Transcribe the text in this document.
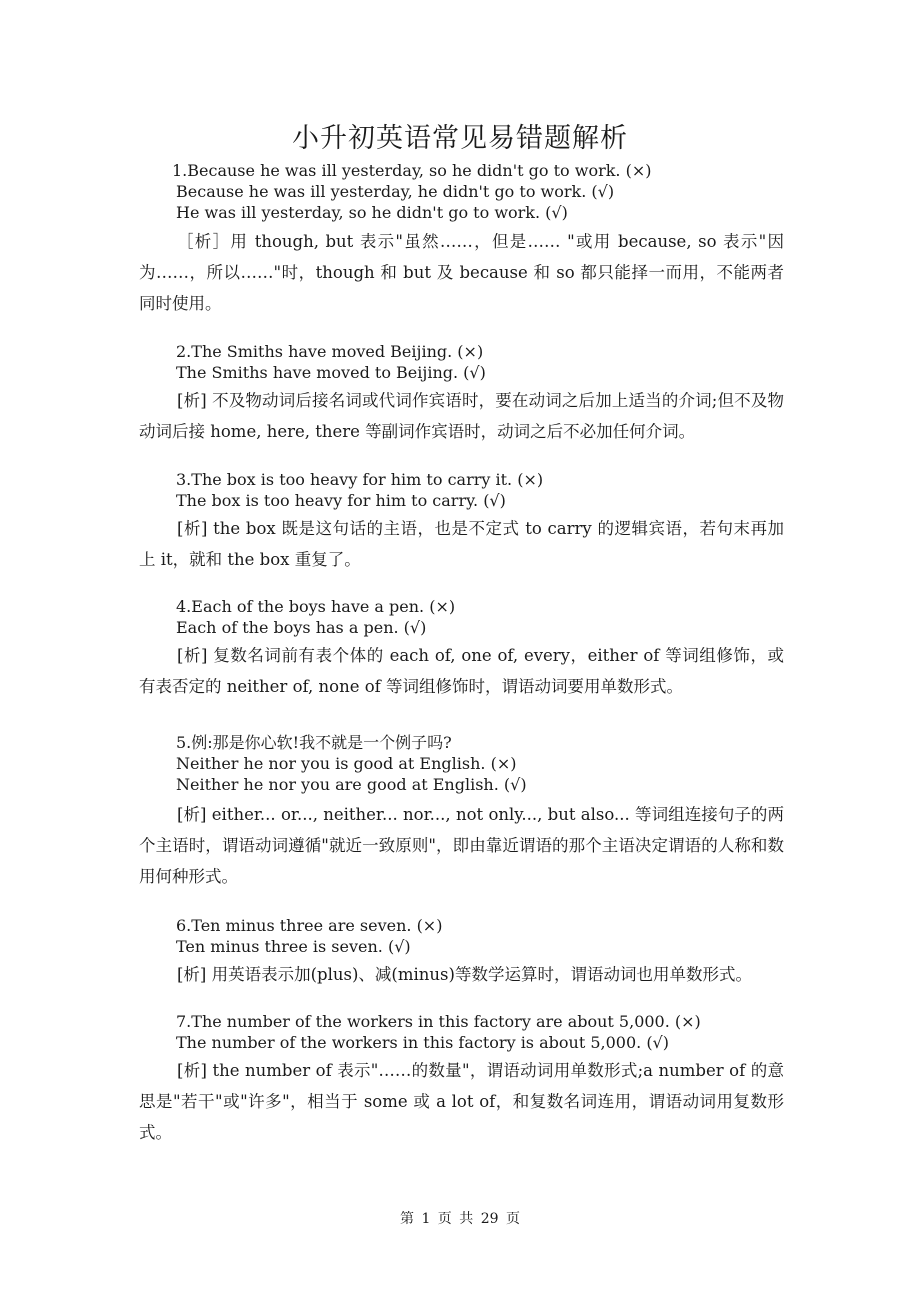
小升初英语常见易错题解析
1.Because he was ill yesterday, so he didn't go to work. (×)
Because he was ill yesterday, he didn't go to work. (√)
He was ill yesterday, so he didn't go to work. (√)

［析］用 though, but 表示"虽然……，但是…… "或用 because, so 表示"因为……，所以……"时，though 和 but 及 because 和 so 都只能择一而用，不能两者同时使用。

2.The Smiths have moved Beijing. (×)
The Smiths have moved to Beijing. (√)

[析] 不及物动词后接名词或代词作宾语时，要在动词之后加上适当的介词;但不及物动词后接 home, here, there 等副词作宾语时，动词之后不必加任何介词。

3.The box is too heavy for him to carry it. (×)
The box is too heavy for him to carry. (√)

[析] the box 既是这句话的主语，也是不定式 to carry 的逻辑宾语，若句末再加上 it，就和 the box 重复了。

4.Each of the boys have a pen. (×)
Each of the boys has a pen. (√)

[析] 复数名词前有表个体的 each of, one of, every，either of 等词组修饰，或有表否定的 neither of, none of 等词组修饰时，谓语动词要用单数形式。

5.例:那是你心软!我不就是一个例子吗?
Neither he nor you is good at English. (×)
Neither he nor you are good at English. (√)

[析] either... or..., neither... nor..., not only..., but also... 等词组连接句子的两个主语时，谓语动词遵循"就近一致原则"，即由靠近谓语的那个主语决定谓语的人称和数用何种形式。

6.Ten minus three are seven. (×)
Ten minus three is seven. (√)

[析] 用英语表示加(plus)、减(minus)等数学运算时，谓语动词也用单数形式。

7.The number of the workers in this factory are about 5,000. (×)
The number of the workers in this factory is about 5,000. (√)

[析] the number of 表示"……的数量"，谓语动词用单数形式;a number of 的意思是"若干"或"许多"，相当于 some 或 a lot of，和复数名词连用，谓语动词用复数形式。

第 1 页 共 29 页
